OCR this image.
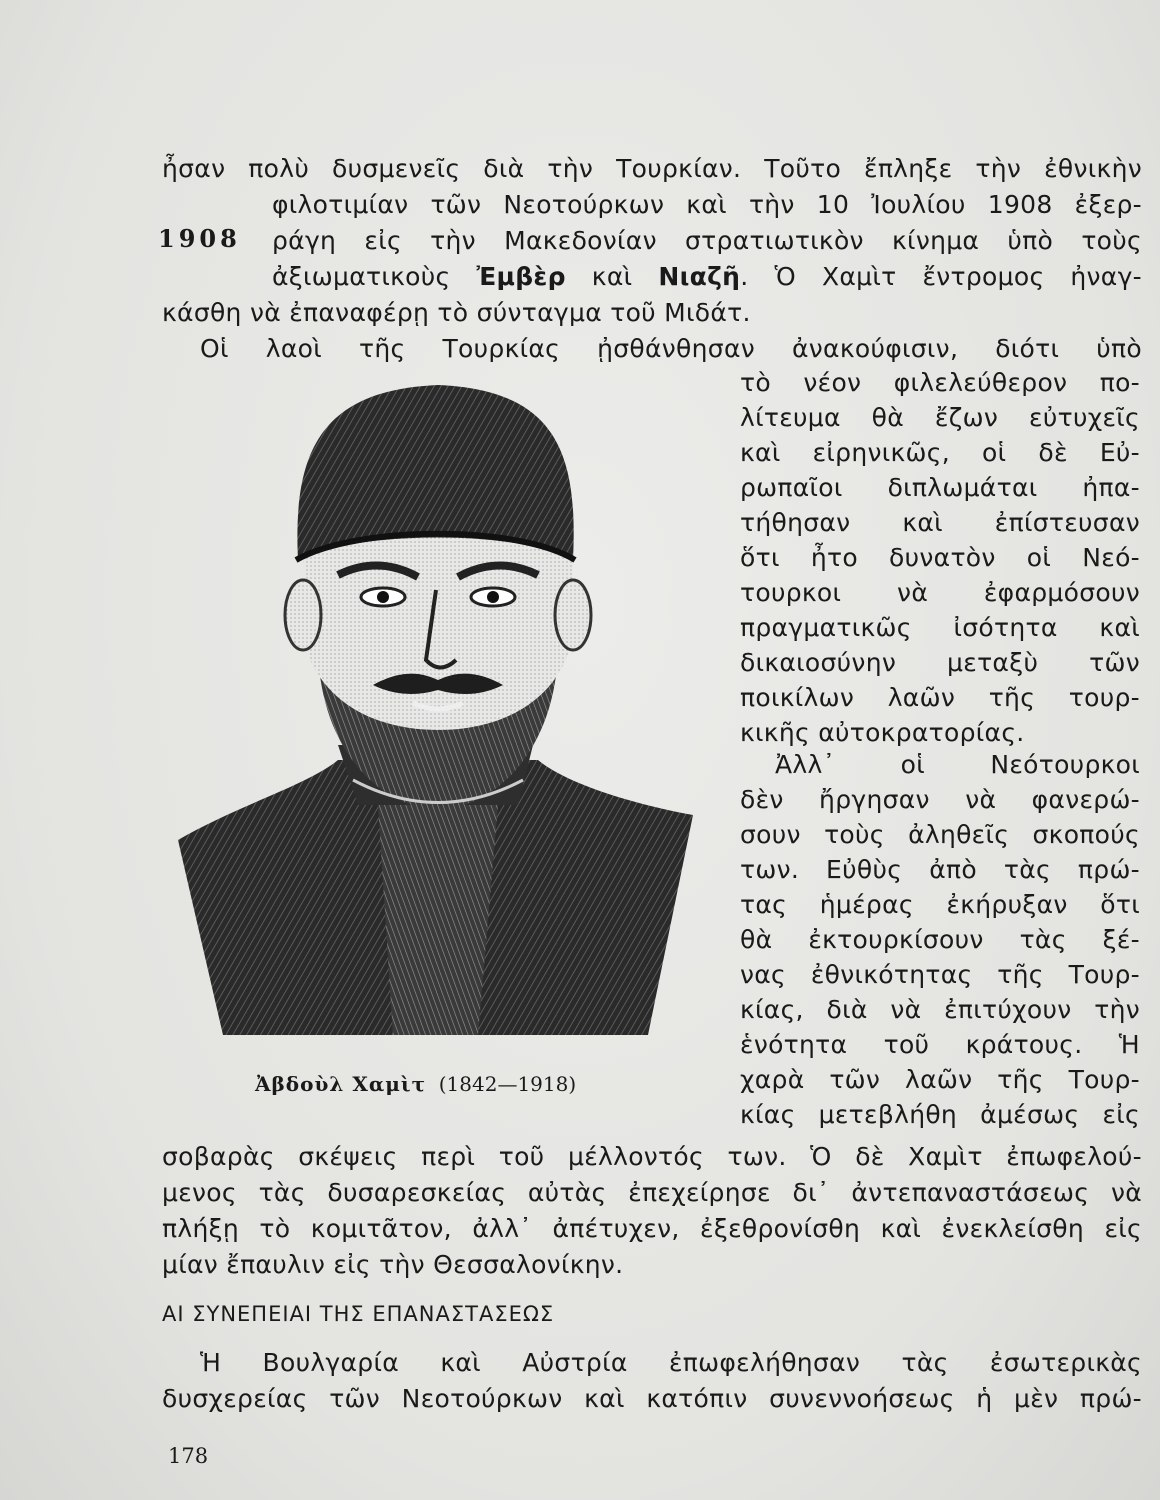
1908
ἦσαν πολὺ δυσμενεῖς διὰ τὴν Τουρκίαν. Τοῦτο ἔπληξε τὴν ἐθνικὴν
φιλοτιμίαν τῶν Νεοτούρκων καὶ τὴν 10 Ἰουλίου 1908 ἐξερ-
ράγη εἰς τὴν Μακεδονίαν στρατιωτικὸν κίνημα ὑπὸ τοὺς
ἀξιωματικοὺς Ἐμβὲρ καὶ Νιαζῆ. Ὁ Χαμὶτ ἔντρομος ἠναγ-
κάσθη νὰ ἐπαναφέρῃ τὸ σύνταγμα τοῦ Μιδάτ.
Οἱ λαοὶ τῆς Τουρκίας ᾐσθάνθησαν ἀνακούφισιν, διότι ὑπὸ
τὸ νέον φιλελεύθερον πο-
λίτευμα θὰ ἔζων εὐτυχεῖς
καὶ εἰρηνικῶς, οἱ δὲ Εὐ-
ρωπαῖοι διπλωμάται ἠπα-
τήθησαν καὶ ἐπίστευσαν
ὅτι ἦτο δυνατὸν οἱ Νεό-
τουρκοι νὰ ἐφαρμόσουν
πραγματικῶς ἰσότητα καὶ
δικαιοσύνην μεταξὺ τῶν
ποικίλων λαῶν τῆς τουρ-
κικῆς αὐτοκρατορίας.
Ἀλλ᾽ οἱ Νεότουρκοι
δὲν ἤργησαν νὰ φανερώ-
σουν τοὺς ἀληθεῖς σκοπούς
των. Εὐθὺς ἀπὸ τὰς πρώ-
τας ἡμέρας ἐκήρυξαν ὅτι
θὰ ἐκτουρκίσουν τὰς ξέ-
νας ἐθνικότητας τῆς Τουρ-
κίας, διὰ νὰ ἐπιτύχουν τὴν
ἑνότητα τοῦ κράτους. Ἡ
χαρὰ τῶν λαῶν τῆς Τουρ-
κίας μετεβλήθη ἀμέσως εἰς
σοβαρὰς σκέψεις περὶ τοῦ μέλλοντός των. Ὁ δὲ Χαμὶτ ἐπωφελού-
μενος τὰς δυσαρεσκείας αὐτὰς ἐπεχείρησε δι᾽ ἀντεπαναστάσεως νὰ
πλήξῃ τὸ κομιτᾶτον, ἀλλ᾽ ἀπέτυχεν, ἐξεθρονίσθη καὶ ἐνεκλείσθη εἰς
μίαν ἔπαυλιν εἰς τὴν Θεσσαλονίκην.
ΑΙ ΣΥΝΕΠΕΙΑΙ ΤΗΣ ΕΠΑΝΑΣΤΑΣΕΩΣ
Ἡ Βουλγαρία καὶ Αὐστρία ἐπωφελήθησαν τὰς ἐσωτερικὰς
δυσχερείας τῶν Νεοτούρκων καὶ κατόπιν συνεννοήσεως ἡ μὲν πρώ-
Ἀβδοὺλ Χαμὶτ (1842—1918)
178
